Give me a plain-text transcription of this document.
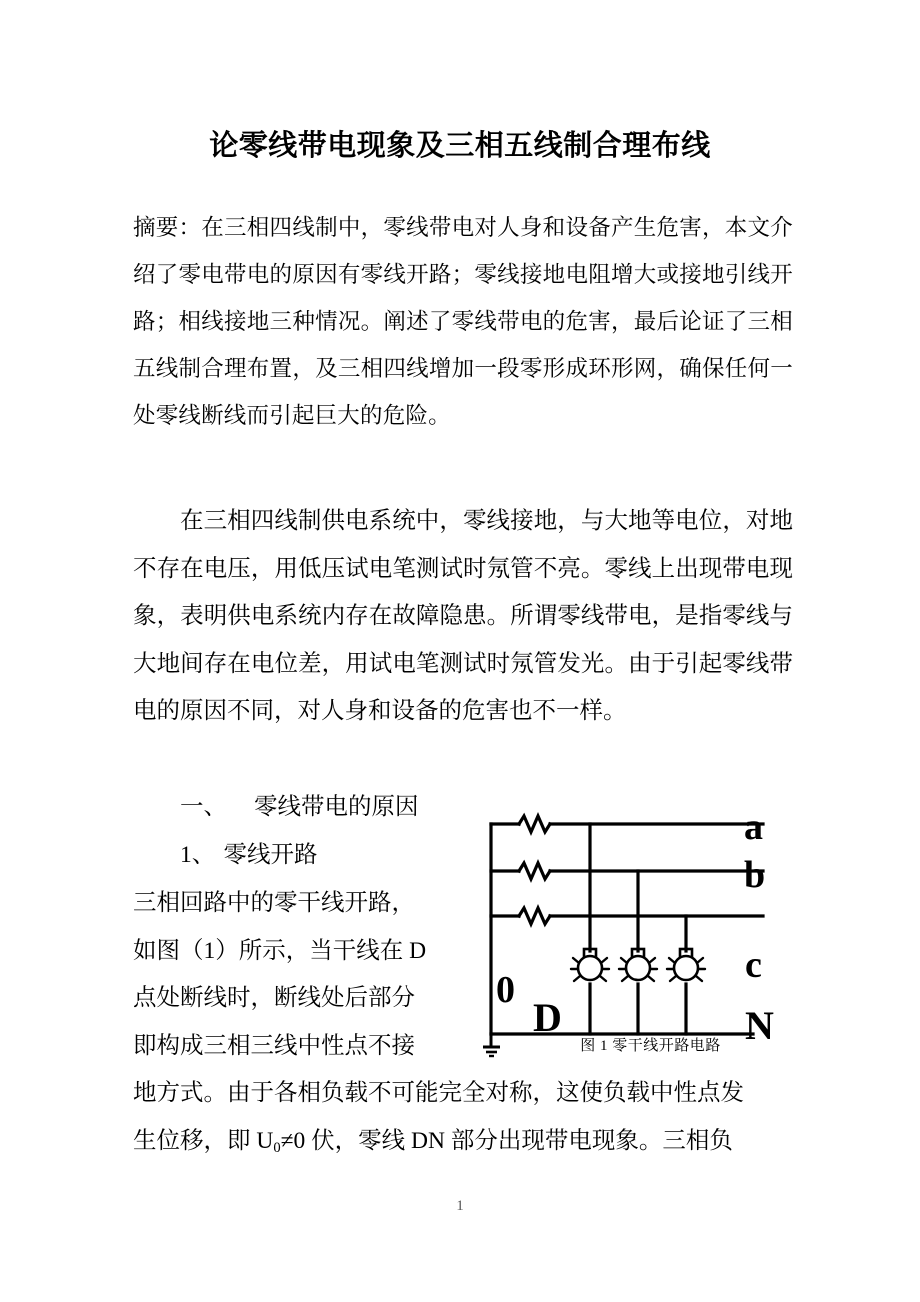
论零线带电现象及三相五线制合理布线
摘要：在三相四线制中，零线带电对人身和设备产生危害，本文介绍了零电带电的原因有零线开路；零线接地电阻增大或接地引线开路；相线接地三种情况。阐述了零线带电的危害，最后论证了三相五线制合理布置，及三相四线增加一段零形成环形网，确保任何一处零线断线而引起巨大的危险。
在三相四线制供电系统中，零线接地，与大地等电位，对地不存在电压，用低压试电笔测试时氖管不亮。零线上出现带电现象，表明供电系统内存在故障隐患。所谓零线带电，是指零线与大地间存在电位差，用试电笔测试时氖管发光。由于引起零线带电的原因不同，对人身和设备的危害也不一样。
一、 零线带电的原因
1、 零线开路
三相回路中的零干线开路，
如图（1）所示，当干线在 D
点处断线时，断线处后部分
即构成三相三线中性点不接
地方式。由于各相负载不可能完全对称，这使负载中性点发
生位移，即 $U_0\ne 0$ 伏，零线 DN 部分出现带电现象。三相负
a
b
c
N
0
D
图 1 零干线开路电路
1
